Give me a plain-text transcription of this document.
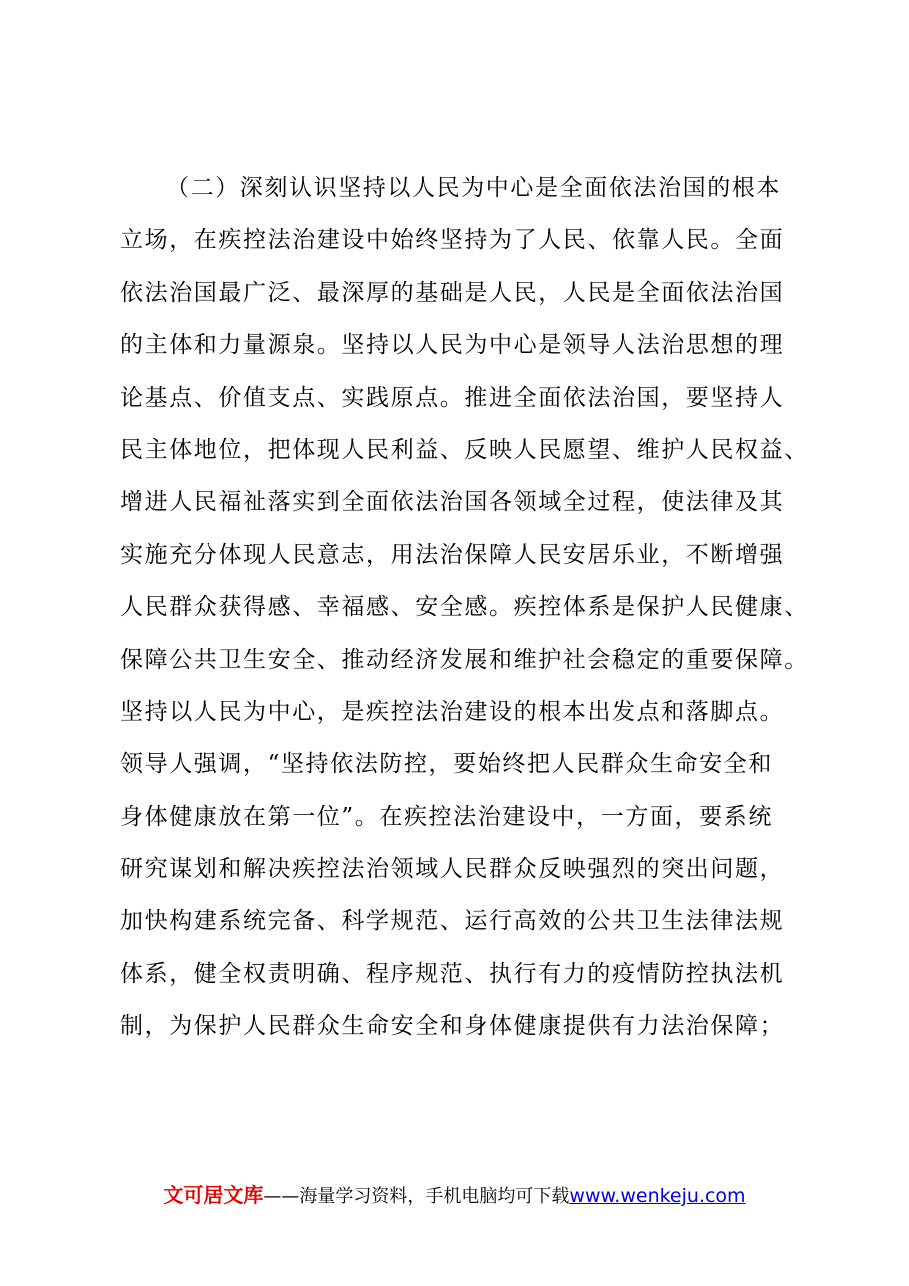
（二）深刻认识坚持以人民为中心是全面依法治国的根本
立场，在疾控法治建设中始终坚持为了人民、依靠人民。全面
依法治国最广泛、最深厚的基础是人民，人民是全面依法治国
的主体和力量源泉。坚持以人民为中心是领导人法治思想的理
论基点、价值支点、实践原点。推进全面依法治国，要坚持人
民主体地位，把体现人民利益、反映人民愿望、维护人民权益、
增进人民福祉落实到全面依法治国各领域全过程，使法律及其
实施充分体现人民意志，用法治保障人民安居乐业，不断增强
人民群众获得感、幸福感、安全感。疾控体系是保护人民健康、
保障公共卫生安全、推动经济发展和维护社会稳定的重要保障。
坚持以人民为中心，是疾控法治建设的根本出发点和落脚点。
领导人强调，“坚持依法防控，要始终把人民群众生命安全和
身体健康放在第一位”。在疾控法治建设中，一方面，要系统
研究谋划和解决疾控法治领域人民群众反映强烈的突出问题，
加快构建系统完备、科学规范、运行高效的公共卫生法律法规
体系，健全权责明确、程序规范、执行有力的疫情防控执法机
制，为保护人民群众生命安全和身体健康提供有力法治保障；
文可居文库——海量学习资料，手机电脑均可下载www.wenkeju.com
